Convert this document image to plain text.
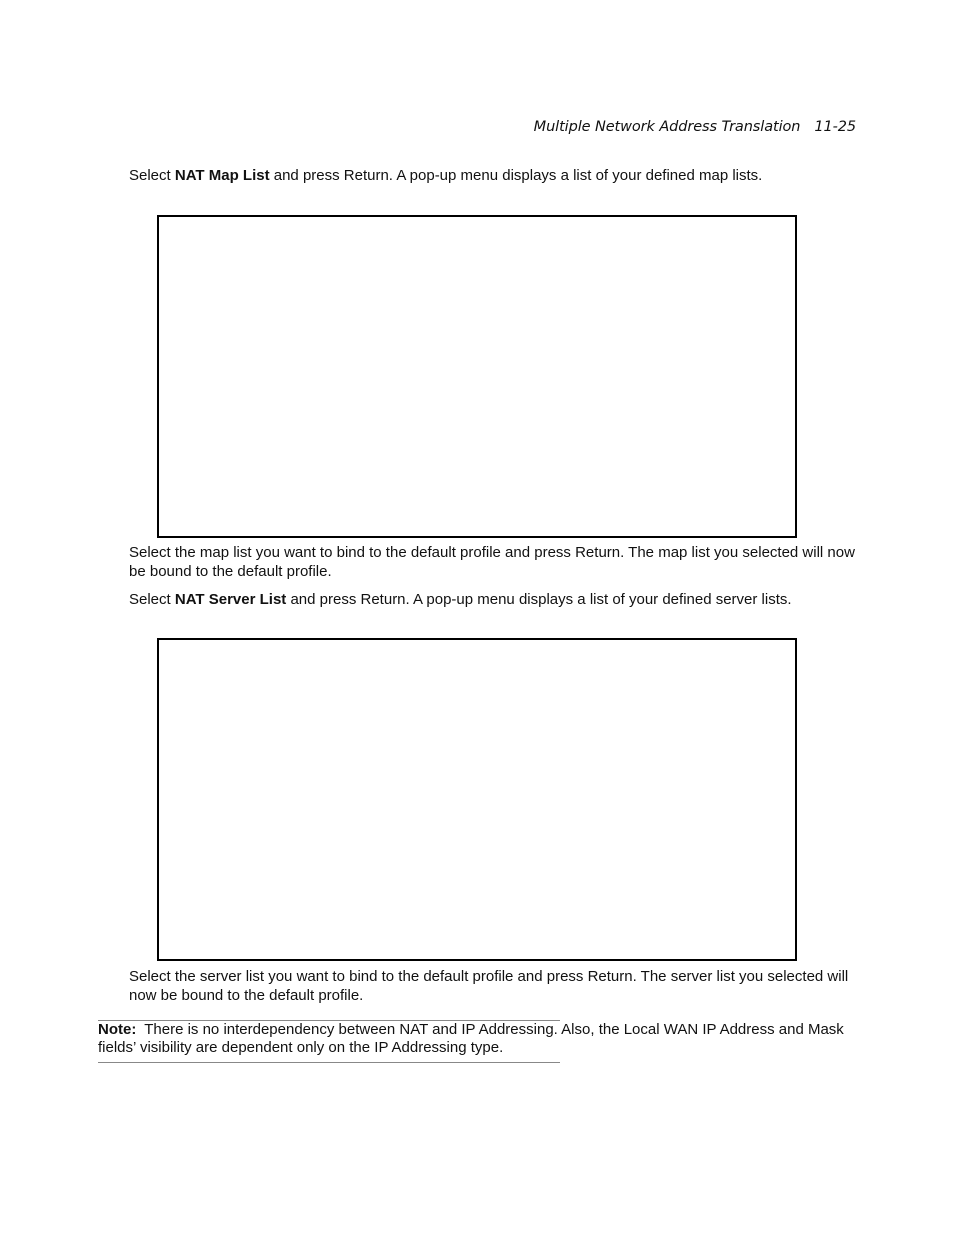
Multiple Network Address Translation 11-25

Select NAT Map List and press Return. A pop-up menu displays a list of your defined map lists.

Select the map list you want to bind to the default profile and press Return. The map list you selected will now be bound to the default profile.

Select NAT Server List and press Return. A pop-up menu displays a list of your defined server lists.

Select the server list you want to bind to the default profile and press Return. The server list you selected will now be bound to the default profile.

Note: There is no interdependency between NAT and IP Addressing. Also, the Local WAN IP Address and Mask fields’ visibility are dependent only on the IP Addressing type.
